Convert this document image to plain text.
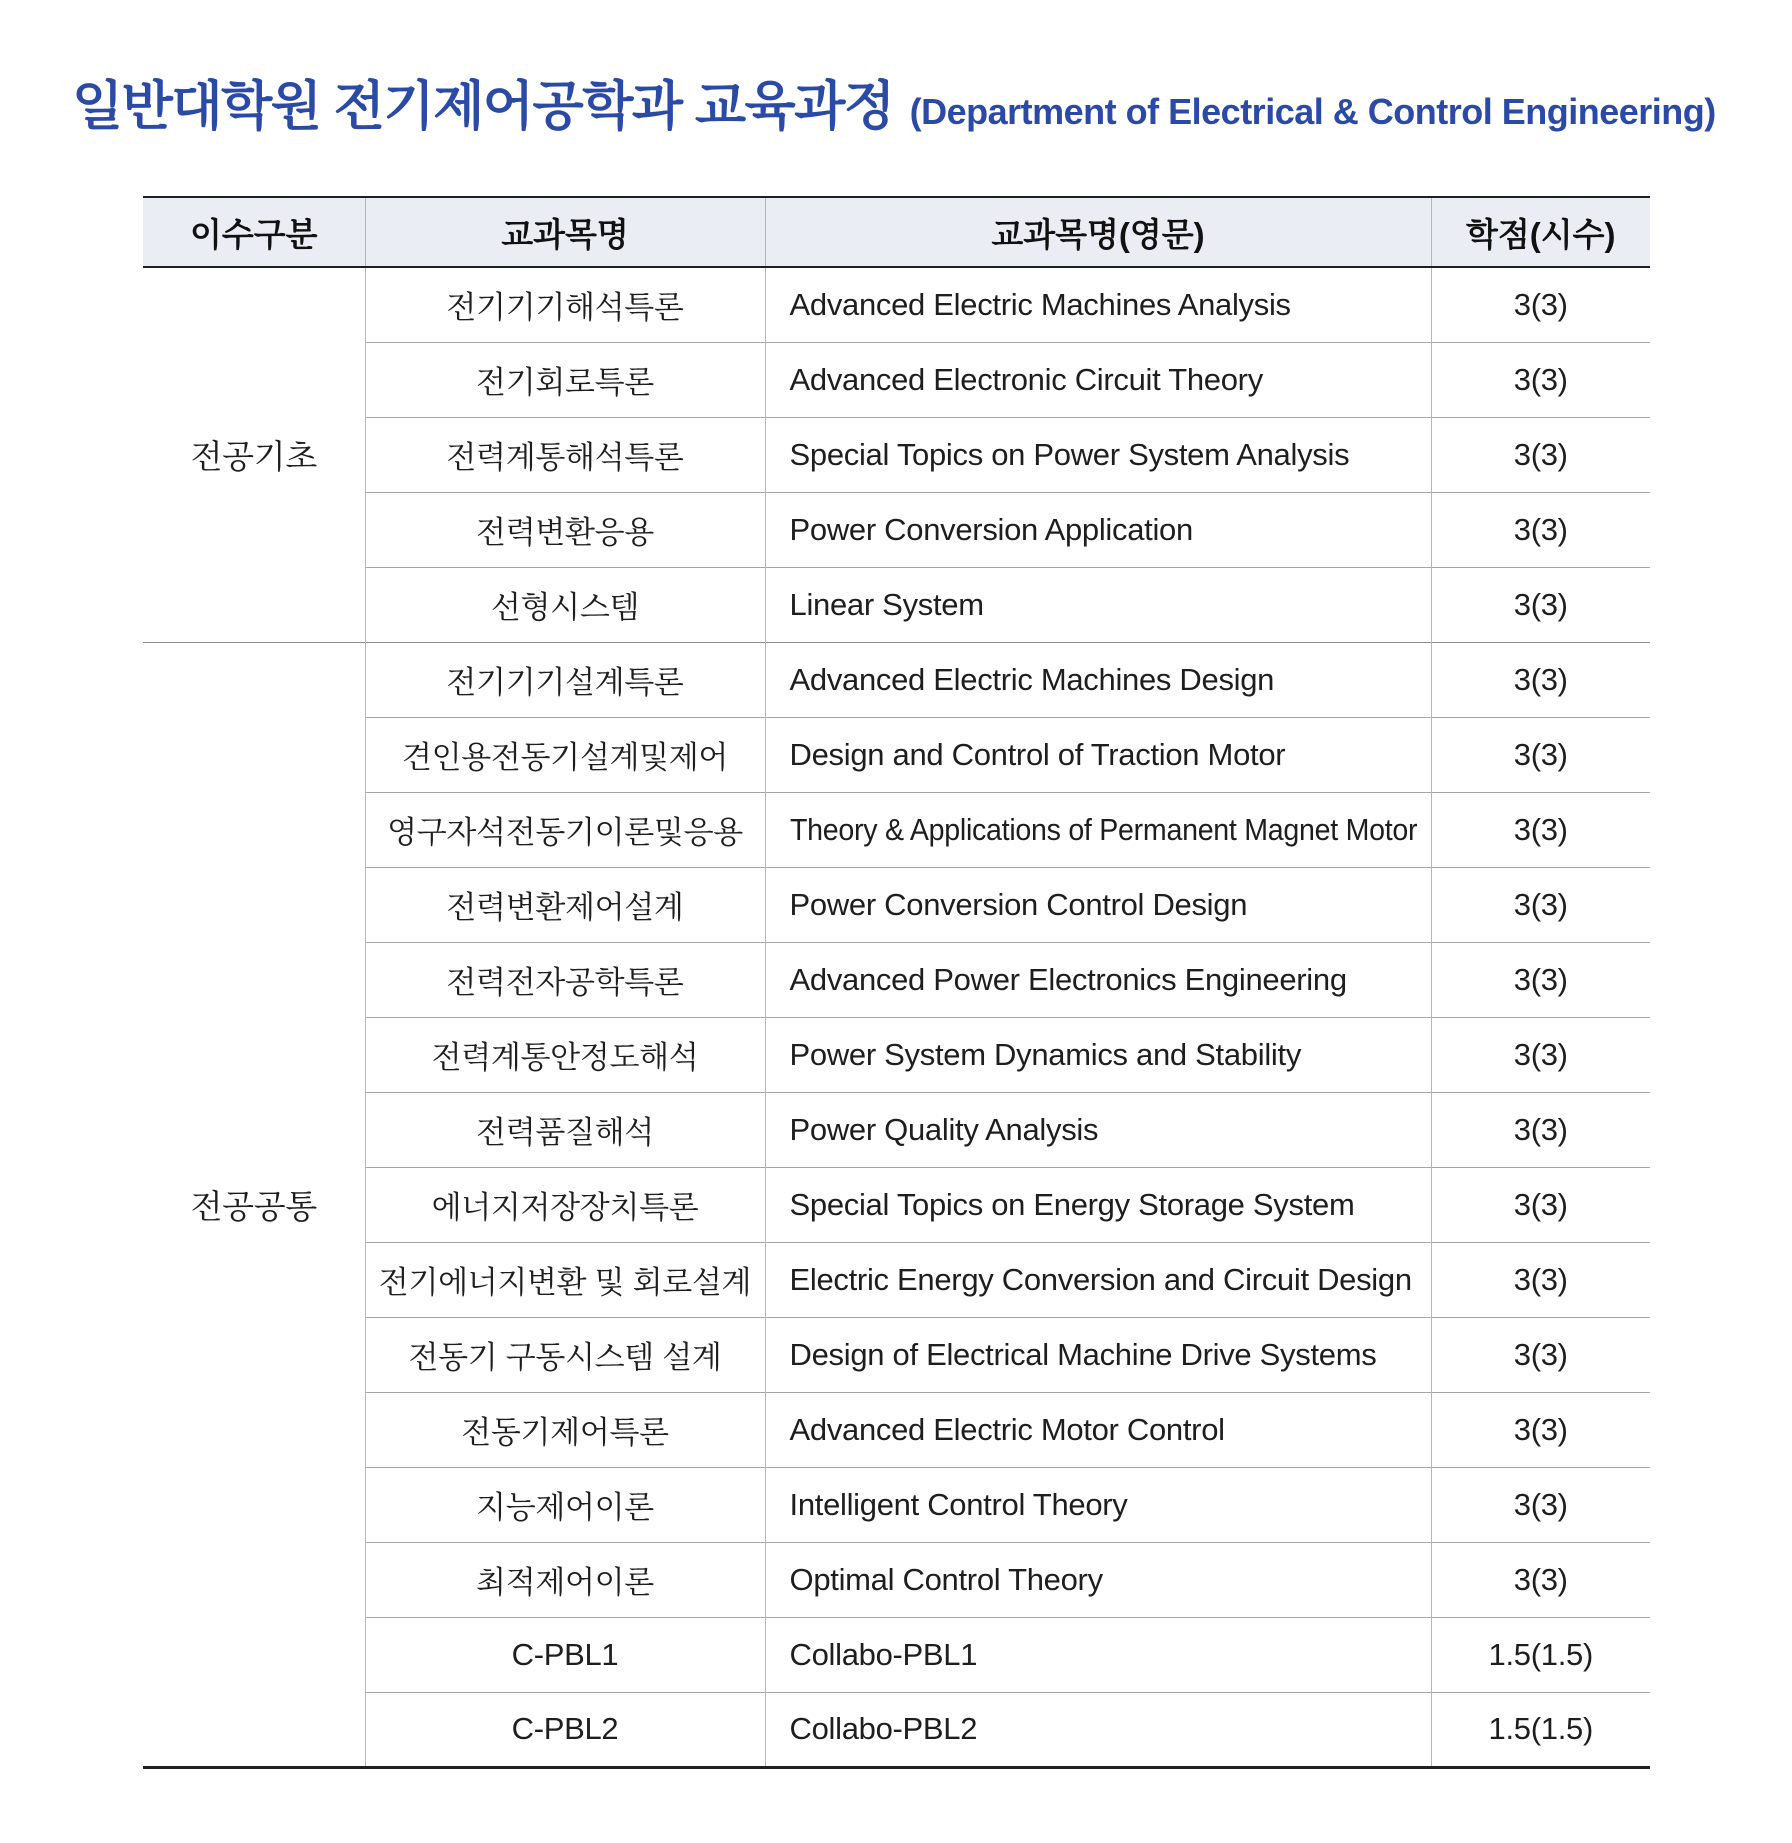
일반대학원 전기제어공학과 교육과정 (Department of Electrical & Control Engineering)
이수구분	교과목명	교과목명(영문)	학점(시수)
전공기초	전기기기해석특론	Advanced Electric Machines Analysis	3(3)
	전기회로특론	Advanced Electronic Circuit Theory	3(3)
	전력계통해석특론	Special Topics on Power System Analysis	3(3)
	전력변환응용	Power Conversion Application	3(3)
	선형시스템	Linear System	3(3)
전공공통	전기기기설계특론	Advanced Electric Machines Design	3(3)
	견인용전동기설계및제어	Design and Control of Traction Motor	3(3)
	영구자석전동기이론및응용	Theory & Applications of Permanent Magnet Motor	3(3)
	전력변환제어설계	Power Conversion Control Design	3(3)
	전력전자공학특론	Advanced Power Electronics Engineering	3(3)
	전력계통안정도해석	Power System Dynamics and Stability	3(3)
	전력품질해석	Power Quality Analysis	3(3)
	에너지저장장치특론	Special Topics on Energy Storage System	3(3)
	전기에너지변환 및 회로설계	Electric Energy Conversion and Circuit Design	3(3)
	전동기 구동시스템 설계	Design of Electrical Machine Drive Systems	3(3)
	전동기제어특론	Advanced Electric Motor Control	3(3)
	지능제어이론	Intelligent Control Theory	3(3)
	최적제어이론	Optimal Control Theory	3(3)
	C-PBL1	Collabo-PBL1	1.5(1.5)
	C-PBL2	Collabo-PBL2	1.5(1.5)
